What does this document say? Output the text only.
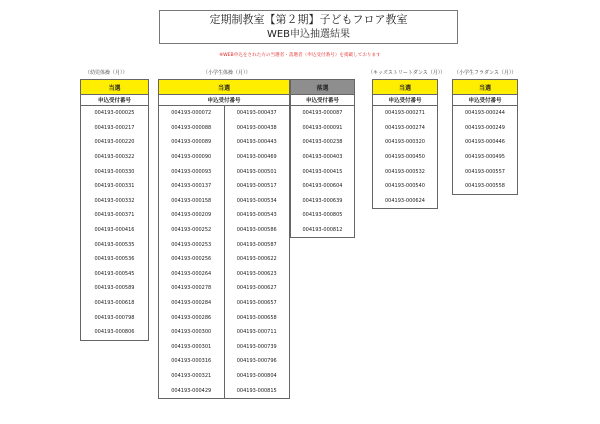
定期制教室【第２期】子どもフロア教室
WEB申込抽選結果
※WEB申込をされた方の当選者・落選者（申込受付番号）を掲載しております
（幼児体操（月））
当選
申込受付番号
004193-000025
004193-000217
004193-000220
004193-000322
004193-000330
004193-000331
004193-000332
004193-000371
004193-000416
004193-000535
004193-000536
004193-000545
004193-000589
004193-000618
004193-000798
004193-000806
（小学生体操（月））
当選	
申込受付番号	
004193-000072	004193-000437
004193-000088	004193-000438
004193-000089	004193-000443
004193-000090	004193-000469
004193-000093	004193-000501
004193-000137	004193-000517
004193-000158	004193-000534
004193-000209	004193-000543
004193-000252	004193-000586
004193-000253	004193-000587
004193-000256	004193-000622
004193-000264	004193-000623
004193-000278	004193-000627
004193-000284	004193-000657
004193-000286	004193-000658
004193-000300	004193-000711
004193-000301	004193-000739
004193-000316	004193-000796
004193-000321	004193-000804
004193-000429	004193-000815
落選
申込受付番号
004193-000087
004193-000091
004193-000238
004193-000403
004193-000415
004193-000604
004193-000639
004193-000805
004193-000812
（キッズストリートダンス（月））
当選
申込受付番号
004193-000271
004193-000274
004193-000320
004193-000450
004193-000532
004193-000540
004193-000624
（小学生フラダンス（月））
当選
申込受付番号
004193-000244
004193-000249
004193-000446
004193-000495
004193-000557
004193-000558
